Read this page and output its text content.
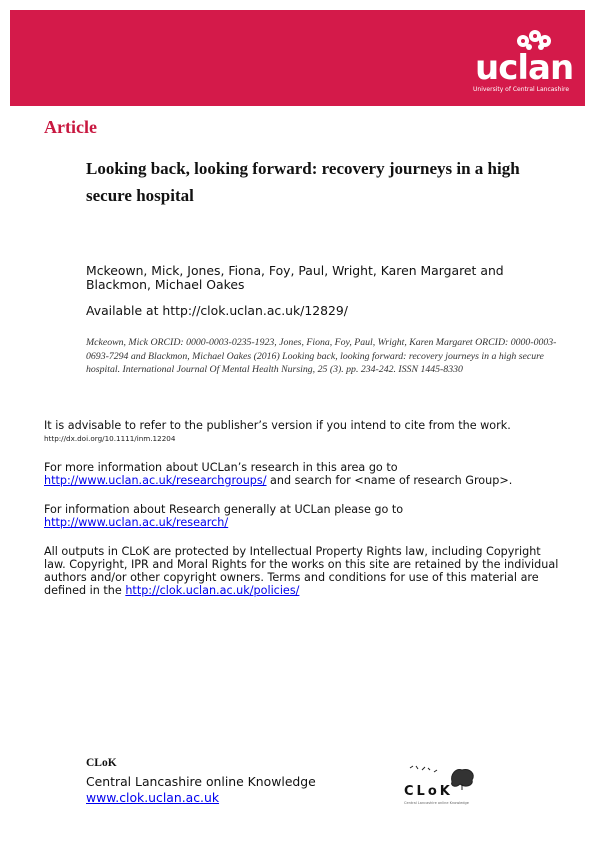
uclan
University of Central Lancashire
Article
Looking back, looking forward: recovery journeys in a high secure hospital
Mckeown, Mick, Jones, Fiona, Foy, Paul, Wright, Karen Margaret and Blackmon, Michael Oakes
Available at http://clok.uclan.ac.uk/12829/
Mckeown, Mick ORCID: 0000-0003-0235-1923, Jones, Fiona, Foy, Paul, Wright, Karen Margaret ORCID: 0000-0003-0693-7294 and Blackmon, Michael Oakes (2016) Looking back, looking forward: recovery journeys in a high secure hospital. International Journal Of Mental Health Nursing, 25 (3). pp. 234-242. ISSN 1445-8330
It is advisable to refer to the publisher’s version if you intend to cite from the work.
http://dx.doi.org/10.1111/inm.12204
For more information about UCLan’s research in this area go to
http://www.uclan.ac.uk/researchgroups/ and search for <name of research Group>.
For information about Research generally at UCLan please go to
http://www.uclan.ac.uk/research/
All outputs in CLoK are protected by Intellectual Property Rights law, including Copyright law. Copyright, IPR and Moral Rights for the works on this site are retained by the individual authors and/or other copyright owners. Terms and conditions for use of this material are defined in the http://clok.uclan.ac.uk/policies/
CLoK
Central Lancashire online Knowledge
www.clok.uclan.ac.uk	CLoK
Central Lancashire online Knowledge
